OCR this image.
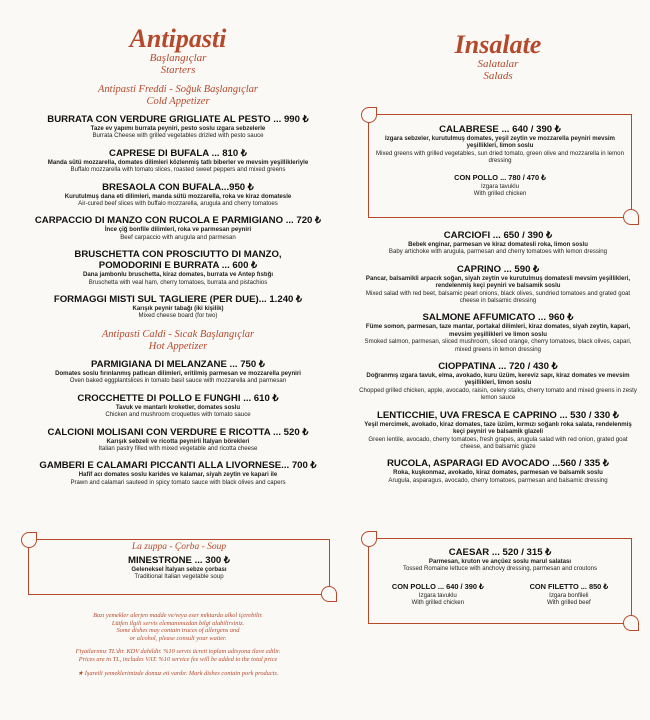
Antipasti
Başlangıçlar
Starters
Antipasti Freddi - Soğuk Başlangıçlar
Cold Appetizer
BURRATA CON VERDURE GRIGLIATE AL PESTO ... 990 ₺
Taze ev yapımı burrata peyniri, pesto soslu ızgara sebzelerle
Burrata Cheese with grilled vegetables drizled with pesto sauce
CAPRESE DI BUFALA ... 810 ₺
Manda sütü mozzarella, domates dilimleri közlenmiş tatlı biberler ve mevsim yeşillikleriyle
Buffalo mozzarella with tomato slices, roasted sweet peppers and mixed greens
BRESAOLA CON BUFALA...950 ₺
Kurutulmuş dana eti dilimleri, manda sütü mozzarella, roka ve kiraz domatesle
Air-cured beef slices with buffalo mozzarella, arugula and cherry tomatoes
CARPACCIO DI MANZO CON RUCOLA E PARMIGIANO ... 720 ₺
İnce çiğ bonfile dilimleri, roka ve parmesan peyniri
Beef carpaccio with arugula and parmesan
BRUSCHETTA CON PROSCIUTTO DI MANZO,
POMODORINI E BURRATA ... 600 ₺
Dana jambonlu bruschetta, kiraz domates, burrata ve Antep fıstığı
Bruschetta with veal ham, cherry tomatoes, burrata and pistachios
FORMAGGI MISTI SUL TAGLIERE (PER DUE)... 1.240 ₺
Karışık peynir tabağı (iki kişilik)
Mixed cheese board (for two)
Antipasti Caldi - Sıcak Başlangıçlar
Hot Appetizer
PARMIGIANA DI MELANZANE ... 750 ₺
Domates soslu fırınlanmış patlıcan dilimleri, eritilmiş parmesan ve mozzarella peyniri
Oven baked eggplantslices in tomato basil sauce with mozzarella and parmesan
CROCCHETTE DI POLLO E FUNGHI ... 610 ₺
Tavuk ve mantarlı kroketler, domates soslu
Chicken and mushroom croquettes with tomato sauce
CALCIONI MOLISANI CON VERDURE E RICOTTA ... 520 ₺
Karışık sebzeli ve ricotta peynirli İtalyan börekleri
Italian pastry filled with mixed vegetable and ricotta cheese
GAMBERI E CALAMARI PICCANTI ALLA LIVORNESE... 700 ₺
Hafif acı domates soslu karides ve kalamar, siyah zeytin ve kapari ile
Prawn and calamari sauteed in spicy tomato sauce with black olives and capers
La zuppa - Çorba - Soup
MINESTRONE ... 300 ₺
Geleneksel İtalyan sebze çorbası
Traditional Italian vegetable soup
Bazı yemekler alerjen madde ve/veya eser miktarda alkol içerebilir.
Lütfen ilgili servis elemanımızdan bilgi alabilirsiniz.
Some dishes may contain traces of allergens and
or alcohol, please consult your waiter.
Fiyatlarımız TL'dir. KDV dahildir. %10 servis ücreti toplam adisyona ilave edilir.
Prices are in TL, includes VAT. %10 service fee will be added to the total price
★ İşaretli yemeklerimizde domuz eti vardır. Mark dishes contain pork products.
Insalate
Salatalar
Salads
CALABRESE ... 640 / 390 ₺
Izgara sebzeler, kurutulmuş domates, yeşil zeytin ve mozzarella peyniri mevsim yeşillikleri, limon soslu
Mixed greens with grilled vegetables, sun dried tomato, green olive and mozzarella in lemon dressing
CON POLLO ... 780 / 470 ₺
Izgara tavuklu
With grilled chicken
CARCIOFI ... 650 / 390 ₺
Bebek enginar, parmesan ve kiraz domatesli roka, limon soslu
Baby artichoke with arugula, parmesan and cherry tomatoes with lemon dressing
CAPRINO ... 590 ₺
Pancar, balsamikli arpacık soğan, siyah zeytin ve kurutulmuş domatesli mevsim yeşillikleri, rendelenmiş keçi peyniri ve balsamik soslu
Mixed salad with red beet, balsamic pearl onions, black olives, sundried tomatoes and grated goat cheese in balsamic dressing
SALMONE AFFUMICATO ... 960 ₺
Füme somon, parmesan, taze mantar, portakal dilimleri, kiraz domates, siyah zeytin, kapari, mevsim yeşillikleri ve limon soslu
Smoked salmon, parmesan, sliced mushroom, sliced orange, cherry tomatoes, black olives, capari, mixed greens in lemon dressing
CIOPPATINA ... 720 / 430 ₺
Doğranmış ızgara tavuk, elma, avokado, kuru üzüm, kereviz sapı, kiraz domates ve mevsim yeşillikleri, limon soslu
Chopped grilled chicken, apple, avocado, raisin, celery stalks, cherry tomato and mixed greens in zesty lemon sauce
LENTICCHIE, UVA FRESCA E CAPRINO ... 530 / 330 ₺
Yeşil mercimek, avokado, kiraz domates, taze üzüm, kırmızı soğanlı roka salata, rendelenmiş keçi peyniri ve balsamik glazeli
Green lentile, avocado, cherry tomatoes, fresh grapes, arugula salad with red onion, grated goat cheese, and balsamic glaze
RUCOLA, ASPARAGI ED AVOCADO ...560 / 335 ₺
Roka, kuşkonmaz, avokado, kiraz domates, parmesan ve balsamik soslu
Arugula, asparagus, avocado, cherry tomatoes, parmesan and balsamic dressing
CAESAR ... 520 / 315 ₺
Parmesan, kruton ve ançüez soslu marul salatası
Tossed Romaine lettuce with anchovy dressing, parmesan and croutons
CON POLLO ... 640 / 390 ₺
Izgara tavuklu
With grilled chicken
CON FILETTO ... 850 ₺
Izgara bonfileli
With grilled beef
